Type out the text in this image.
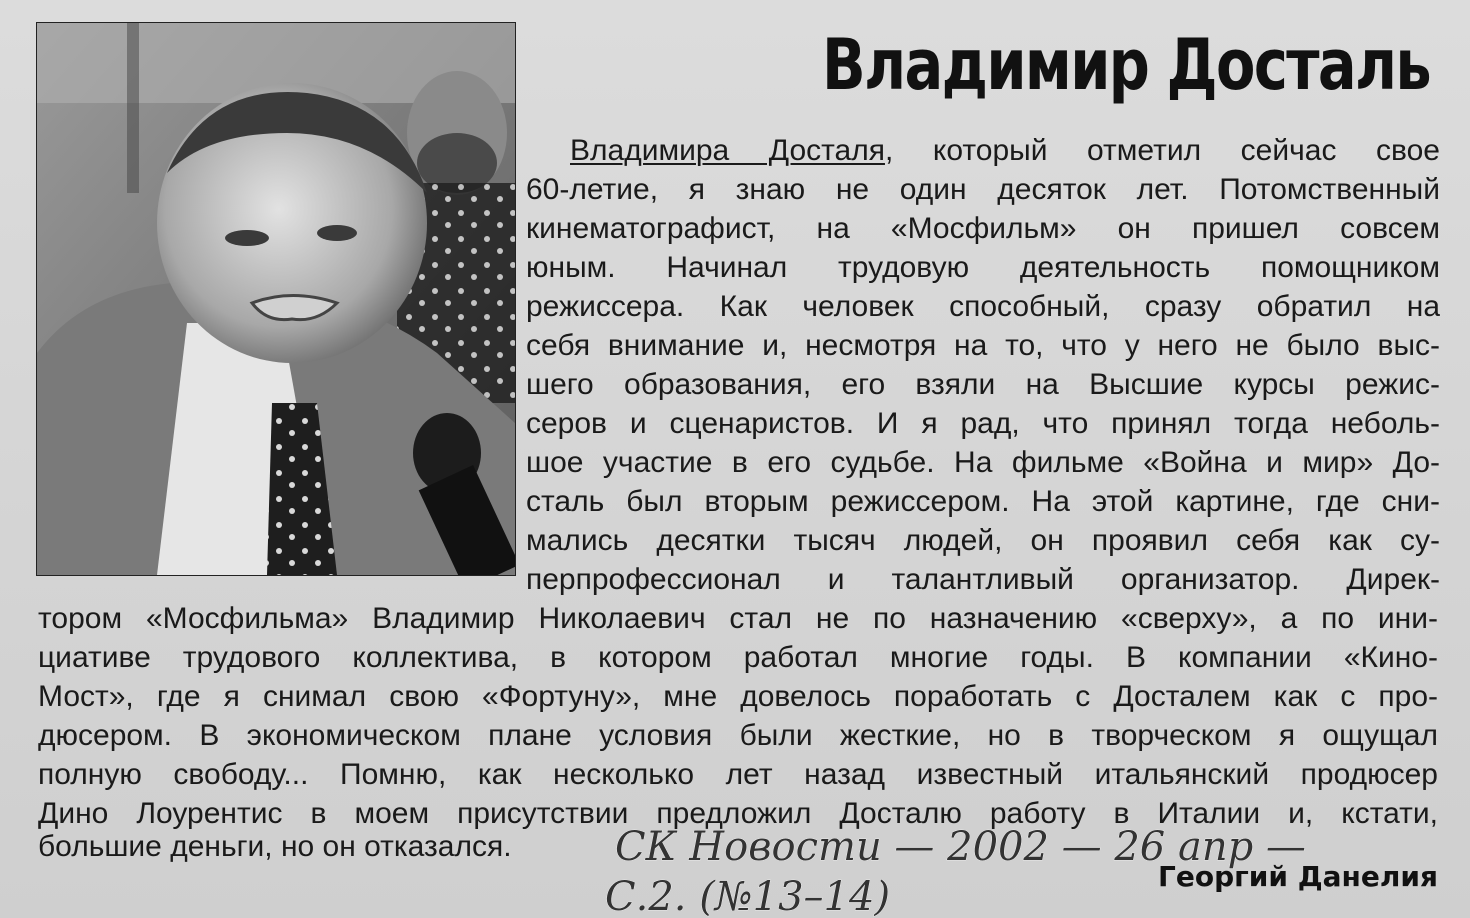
Владимир Досталь
Владимира Досталя, который отметил сейчас свое
60-летие, я знаю не один десяток лет. Потомственный
кинематографист, на «Мосфильм» он пришел совсем
юным. Начинал трудовую деятельность помощником
режиссера. Как человек способный, сразу обратил на
себя внимание и, несмотря на то, что у него не было выс-
шего образования, его взяли на Высшие курсы режис-
серов и сценаристов. И я рад, что принял тогда неболь-
шое участие в его судьбе. На фильме «Война и мир» До-
сталь был вторым режиссером. На этой картине, где сни-
мались десятки тысяч людей, он проявил себя как су-
перпрофессионал и талантливый организатор. Дирек-
тором «Мосфильма» Владимир Николаевич стал не по назначению «сверху», а по ини-
циативе трудового коллектива, в котором работал многие годы. В компании «Кино-
Мост», где я снимал свою «Фортуну», мне довелось поработать с Досталем как с про-
дюсером. В экономическом плане условия были жесткие, но в творческом я ощущал
полную свободу... Помню, как несколько лет назад известный итальянский продюсер
Дино Лоурентис в моем присутствии предложил Досталю работу в Италии и, кстати,
большие деньги, но он отказался.	СК Новости — 2002 — 26 апр —
С.2. (№13–14)	Георгий Данелия
